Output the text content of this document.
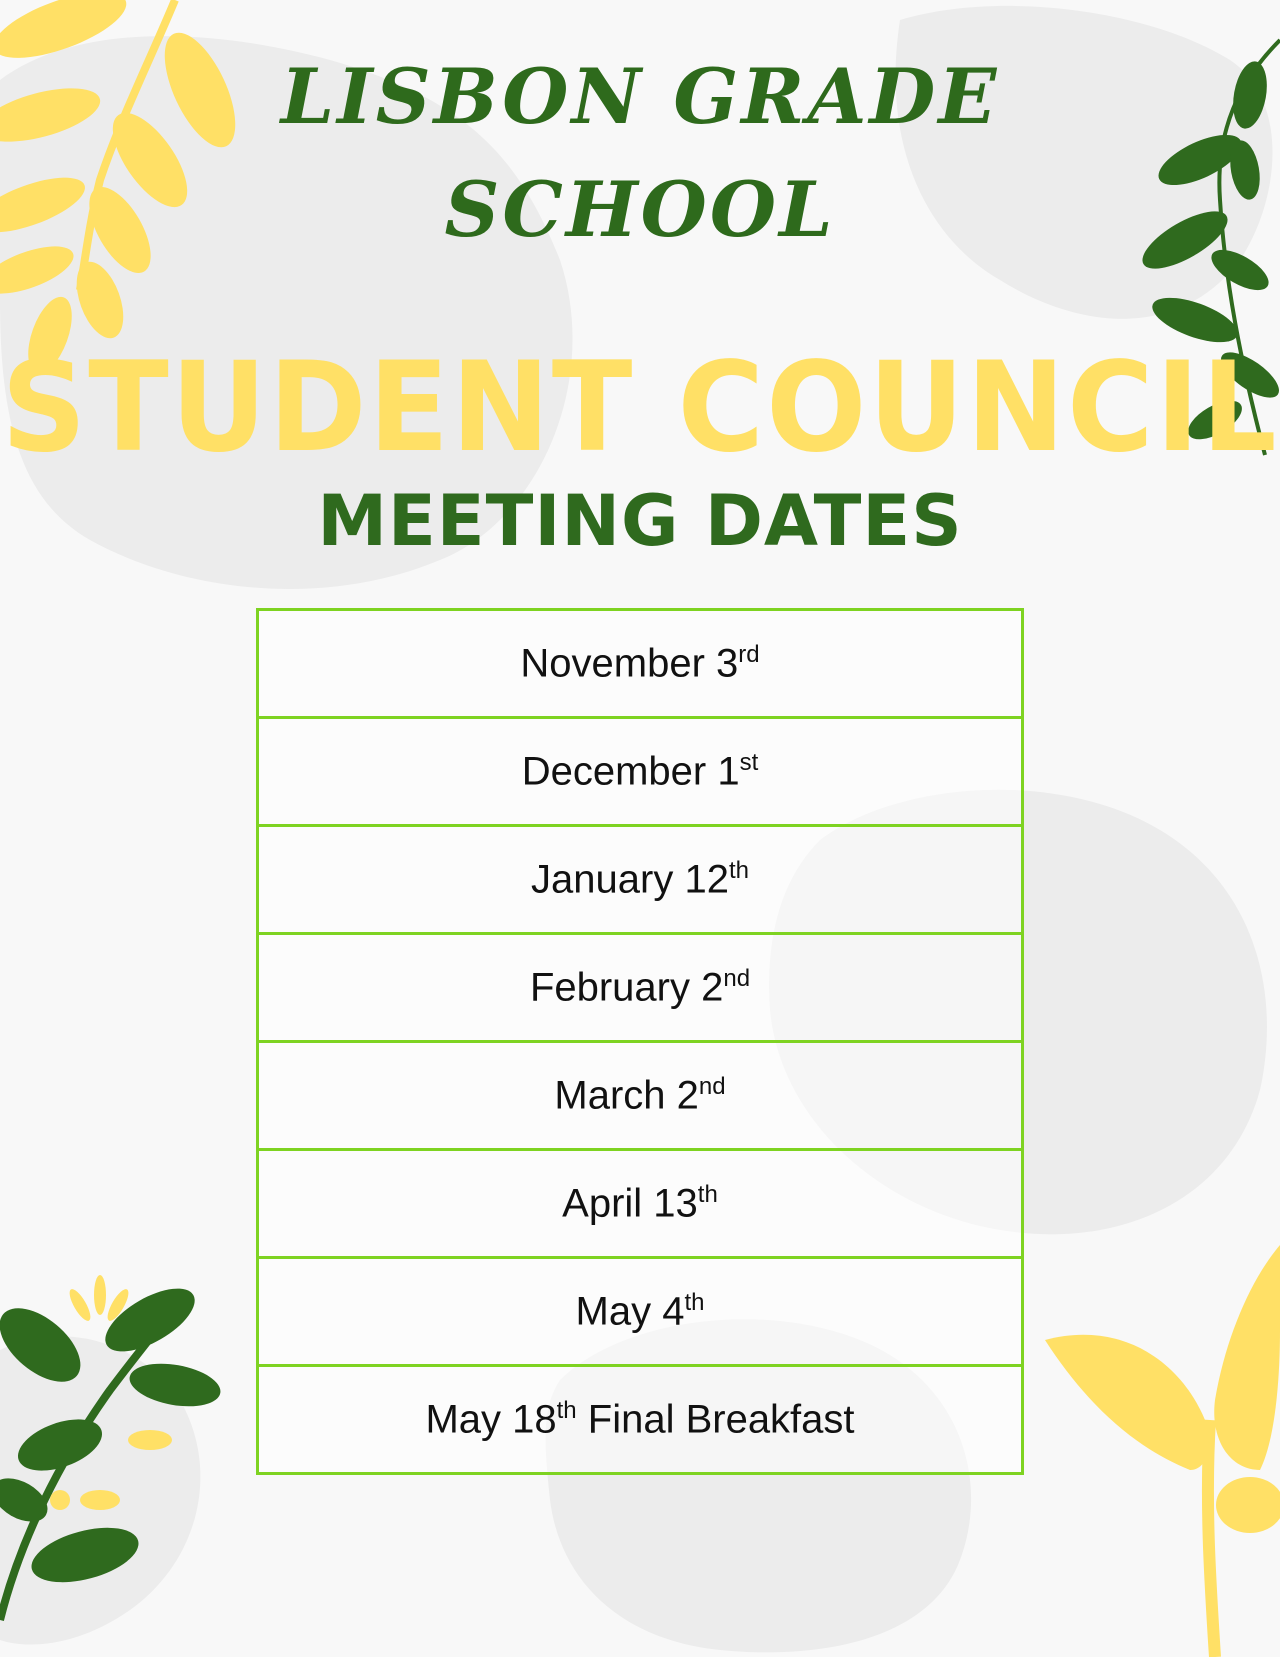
LISBON GRADE
SCHOOL
STUDENT COUNCIL
MEETING DATES
November 3rd
December 1st
January 12th
February 2nd
March 2nd
April 13th
May 4th
May 18th Final Breakfast
